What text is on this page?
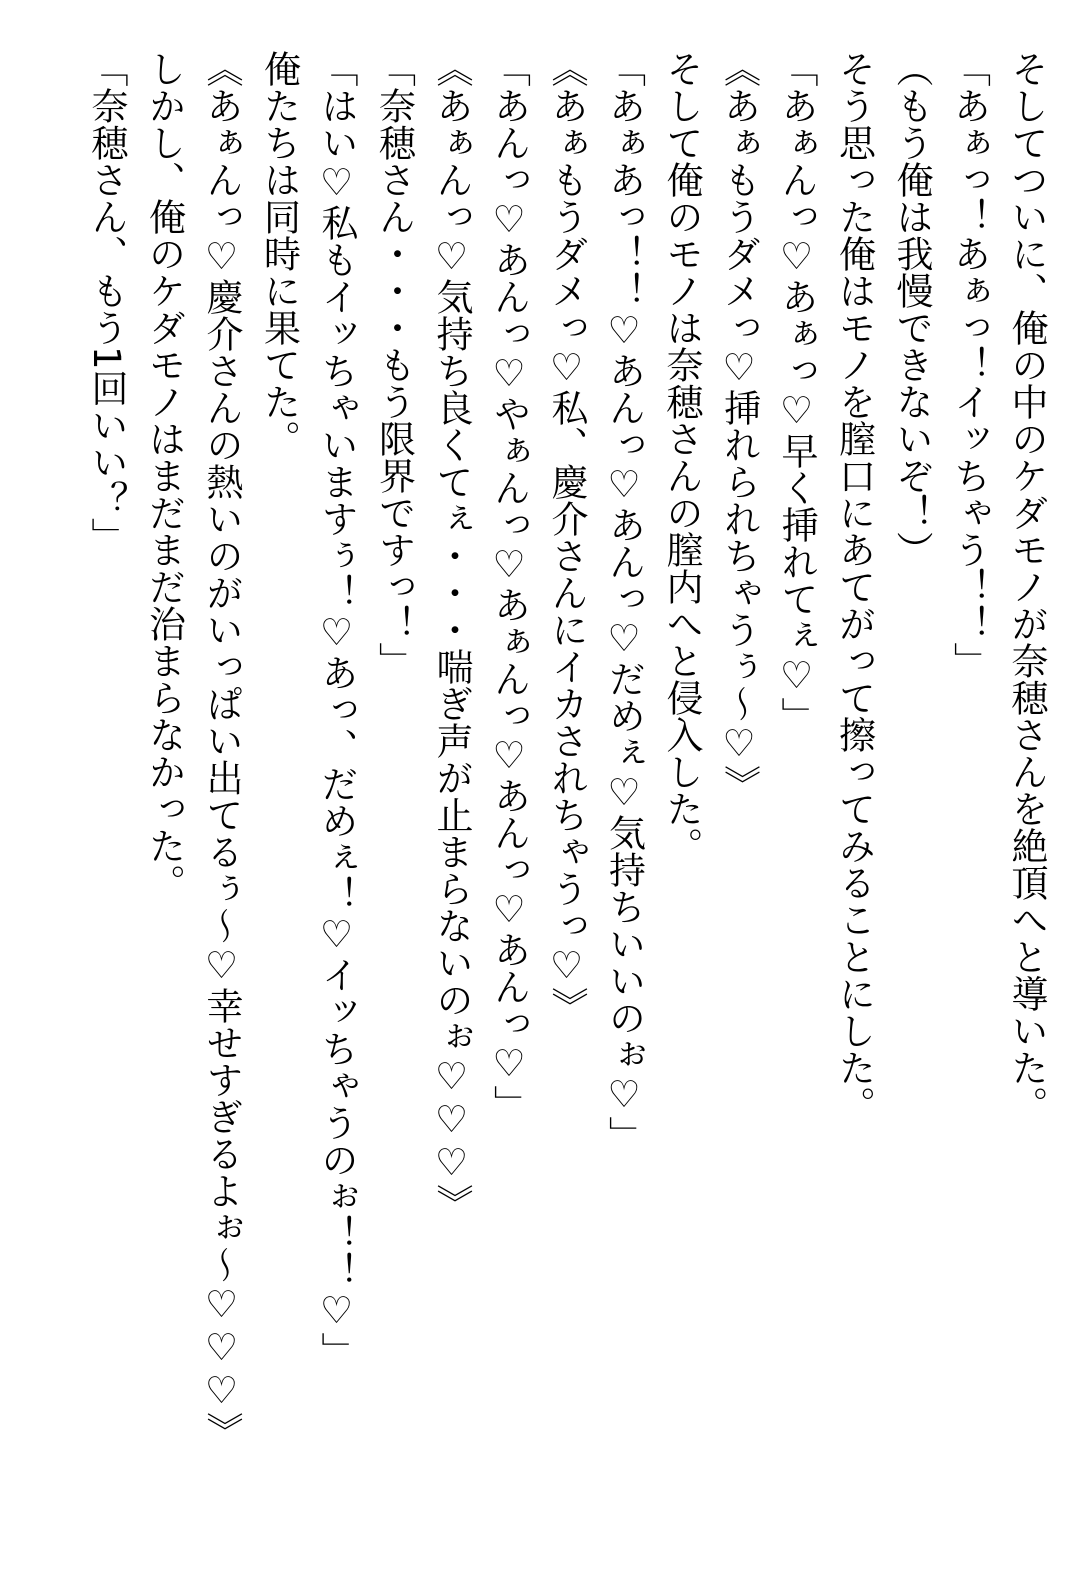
そしてついに、俺の中のケダモノが奈穂さんを絶頂へと導いた。
「あぁっ！あぁっ！イッちゃう！！」
（もう俺は我慢できないぞ！）
そう思った俺はモノを膣口にあてがって擦ってみることにした。
「あぁんっ♡あぁっ♡早く挿れてぇ♡」
《あぁもうダメっ♡挿れられちゃうぅ～♡》
そして俺のモノは奈穂さんの膣内へと侵入した。
「あぁあっ！！♡あんっ♡あんっ♡だめぇ♡気持ちいいのぉ♡」
《あぁもうダメっ♡私、慶介さんにイカされちゃうっ♡》
「あんっ♡あんっ♡やぁんっ♡あぁんっ♡あんっ♡あんっ♡」
《あぁんっ♡気持ち良くてぇ・・・喘ぎ声が止まらないのぉ♡♡♡》
「奈穂さん・・・もう限界ですっ！」
「はい♡私もイッちゃいますぅ！♡あっ、だめぇ！♡イッちゃうのぉ！！♡」
俺たちは同時に果てた。
《あぁんっ♡慶介さんの熱いのがいっぱい出てるぅ～♡幸せすぎるよぉ～♡♡♡》
しかし、俺のケダモノはまだまだ治まらなかった。
「奈穂さん、もう1回いい？」
